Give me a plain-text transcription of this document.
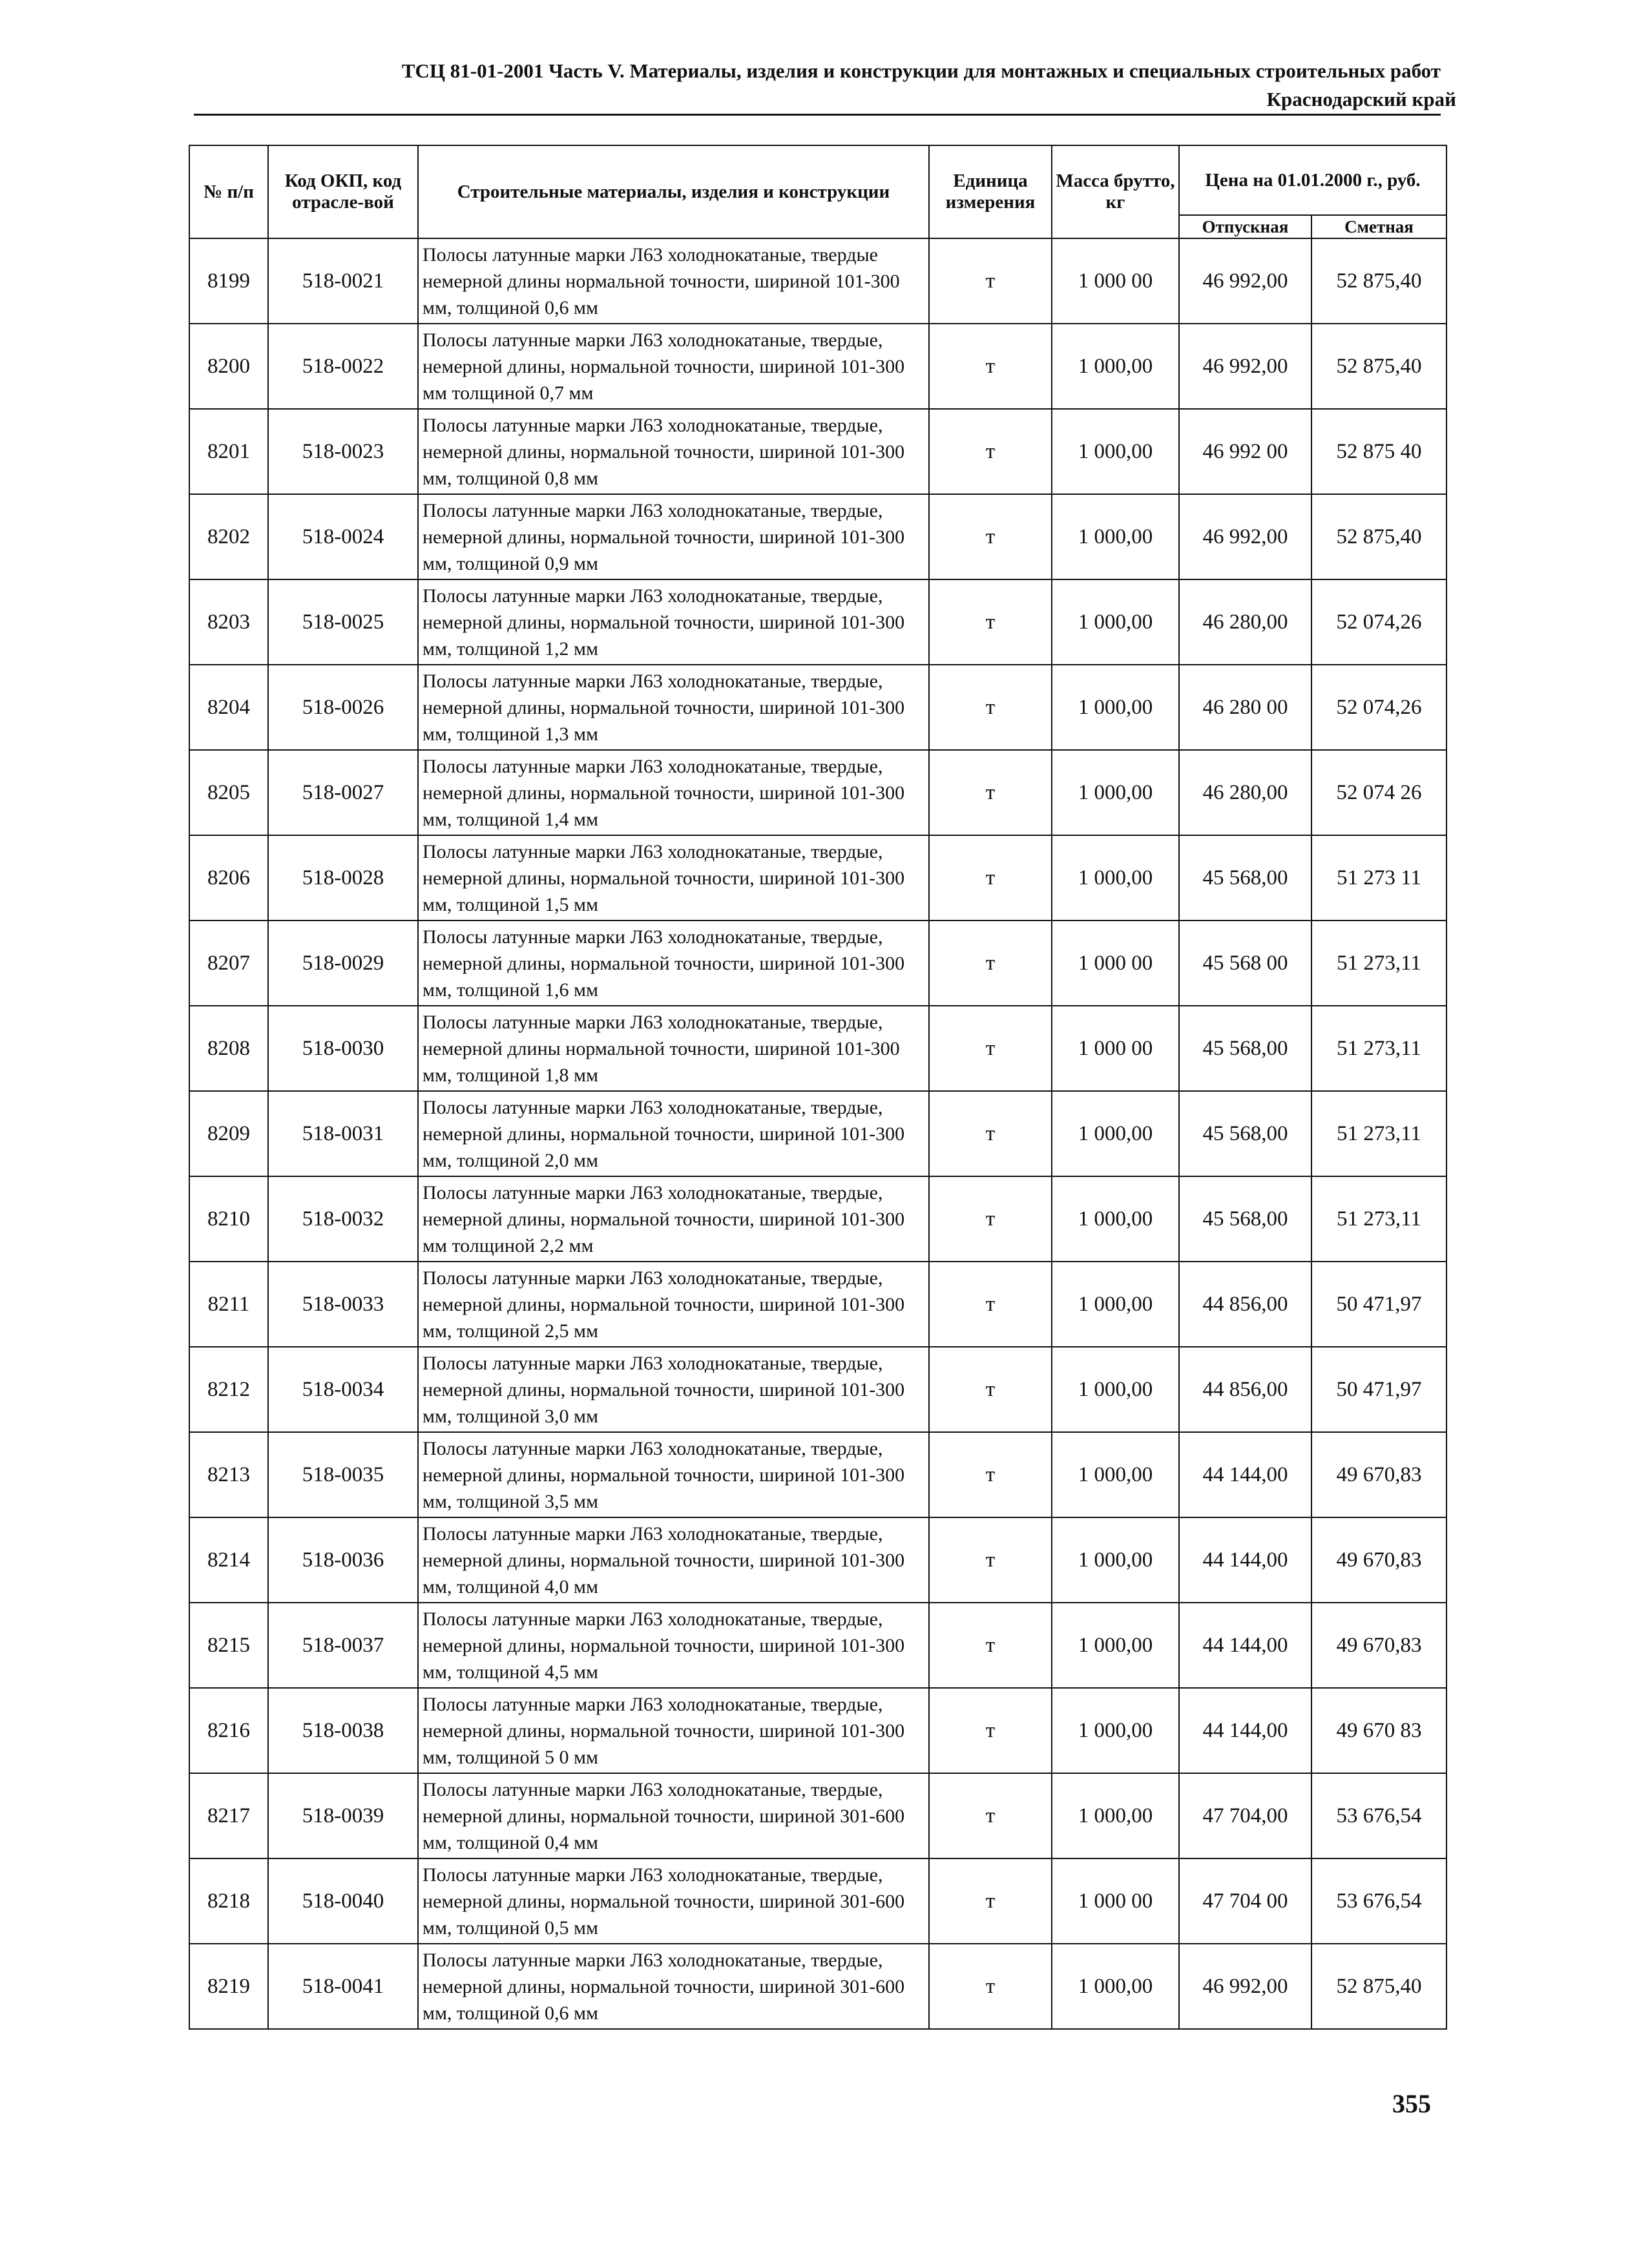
ТСЦ 81-01-2001 Часть V. Материалы, изделия и конструкции для монтажных и специальных строительных работ
Краснодарский край
№ п/п	Код ОКП, код отрасле-вой	Строительные материалы, изделия и конструкции	Единица измерения	Масса брутто, кг	Цена на 01.01.2000 г., руб.	
					Отпускная	Сметная
8199	518-0021	Полосы латунные марки Л63 холоднокатаные, твердые немерной длины нормальной точности, шириной 101-300 мм, толщиной 0,6 мм	т	1 000 00	46 992,00	52 875,40
8200	518-0022	Полосы латунные марки Л63 холоднокатаные, твердые, немерной длины, нормальной точности, шириной 101-300 мм толщиной 0,7 мм	т	1 000,00	46 992,00	52 875,40
8201	518-0023	Полосы латунные марки Л63 холоднокатаные, твердые, немерной длины, нормальной точности, шириной 101-300 мм, толщиной 0,8 мм	т	1 000,00	46 992 00	52 875 40
8202	518-0024	Полосы латунные марки Л63 холоднокатаные, твердые, немерной длины, нормальной точности, шириной 101-300 мм, толщиной 0,9 мм	т	1 000,00	46 992,00	52 875,40
8203	518-0025	Полосы латунные марки Л63 холоднокатаные, твердые, немерной длины, нормальной точности, шириной 101-300 мм, толщиной 1,2 мм	т	1 000,00	46 280,00	52 074,26
8204	518-0026	Полосы латунные марки Л63 холоднокатаные, твердые, немерной длины, нормальной точности, шириной 101-300 мм, толщиной 1,3 мм	т	1 000,00	46 280 00	52 074,26
8205	518-0027	Полосы латунные марки Л63 холоднокатаные, твердые, немерной длины, нормальной точности, шириной 101-300 мм, толщиной 1,4 мм	т	1 000,00	46 280,00	52 074 26
8206	518-0028	Полосы латунные марки Л63 холоднокатаные, твердые, немерной длины, нормальной точности, шириной 101-300 мм, толщиной 1,5 мм	т	1 000,00	45 568,00	51 273 11
8207	518-0029	Полосы латунные марки Л63 холоднокатаные, твердые, немерной длины, нормальной точности, шириной 101-300 мм, толщиной 1,6 мм	т	1 000 00	45 568 00	51 273,11
8208	518-0030	Полосы латунные марки Л63 холоднокатаные, твердые, немерной длины нормальной точности, шириной 101-300 мм, толщиной 1,8 мм	т	1 000 00	45 568,00	51 273,11
8209	518-0031	Полосы латунные марки Л63 холоднокатаные, твердые, немерной длины, нормальной точности, шириной 101-300 мм, толщиной 2,0 мм	т	1 000,00	45 568,00	51 273,11
8210	518-0032	Полосы латунные марки Л63 холоднокатаные, твердые, немерной длины, нормальной точности, шириной 101-300 мм толщиной 2,2 мм	т	1 000,00	45 568,00	51 273,11
8211	518-0033	Полосы латунные марки Л63 холоднокатаные, твердые, немерной длины, нормальной точности, шириной 101-300 мм, толщиной 2,5 мм	т	1 000,00	44 856,00	50 471,97
8212	518-0034	Полосы латунные марки Л63 холоднокатаные, твердые, немерной длины, нормальной точности, шириной 101-300 мм, толщиной 3,0 мм	т	1 000,00	44 856,00	50 471,97
8213	518-0035	Полосы латунные марки Л63 холоднокатаные, твердые, немерной длины, нормальной точности, шириной 101-300 мм, толщиной 3,5 мм	т	1 000,00	44 144,00	49 670,83
8214	518-0036	Полосы латунные марки Л63 холоднокатаные, твердые, немерной длины, нормальной точности, шириной 101-300 мм, толщиной 4,0 мм	т	1 000,00	44 144,00	49 670,83
8215	518-0037	Полосы латунные марки Л63 холоднокатаные, твердые, немерной длины, нормальной точности, шириной 101-300 мм, толщиной 4,5 мм	т	1 000,00	44 144,00	49 670,83
8216	518-0038	Полосы латунные марки Л63 холоднокатаные, твердые, немерной длины, нормальной точности, шириной 101-300 мм, толщиной 5 0 мм	т	1 000,00	44 144,00	49 670 83
8217	518-0039	Полосы латунные марки Л63 холоднокатаные, твердые, немерной длины, нормальной точности, шириной 301-600 мм, толщиной 0,4 мм	т	1 000,00	47 704,00	53 676,54
8218	518-0040	Полосы латунные марки Л63 холоднокатаные, твердые, немерной длины, нормальной точности, шириной 301-600 мм, толщиной 0,5 мм	т	1 000 00	47 704 00	53 676,54
8219	518-0041	Полосы латунные марки Л63 холоднокатаные, твердые, немерной длины, нормальной точности, шириной 301-600 мм, толщиной 0,6 мм	т	1 000,00	46 992,00	52 875,40
355
